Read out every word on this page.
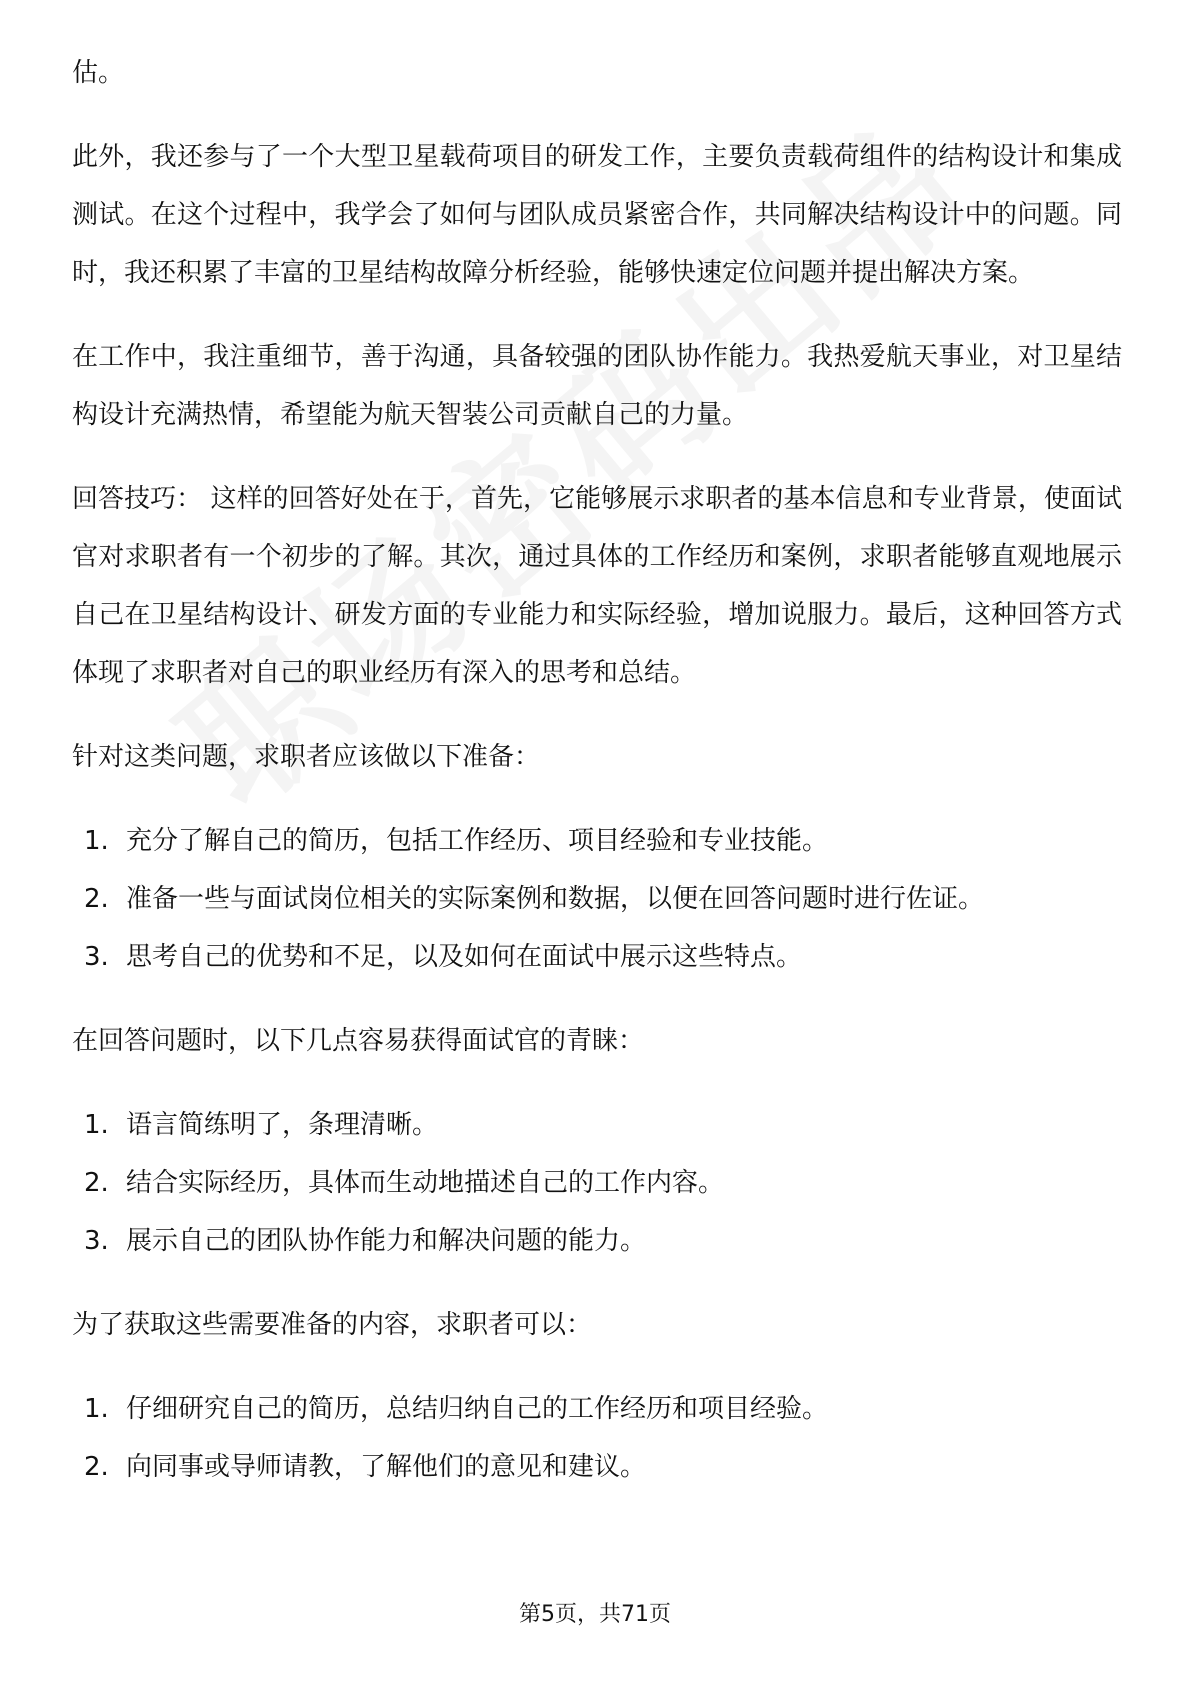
估。

此外，我还参与了一个大型卫星载荷项目的研发工作，主要负责载荷组件的结构设计和集成测试。在这个过程中，我学会了如何与团队成员紧密合作，共同解决结构设计中的问题。同时，我还积累了丰富的卫星结构故障分析经验，能够快速定位问题并提出解决方案。

在工作中，我注重细节，善于沟通，具备较强的团队协作能力。我热爱航天事业，对卫星结构设计充满热情，希望能为航天智装公司贡献自己的力量。

回答技巧： 这样的回答好处在于，首先，它能够展示求职者的基本信息和专业背景，使面试官对求职者有一个初步的了解。其次，通过具体的工作经历和案例，求职者能够直观地展示自己在卫星结构设计、研发方面的专业能力和实际经验，增加说服力。最后，这种回答方式体现了求职者对自己的职业经历有深入的思考和总结。

针对这类问题，求职者应该做以下准备：

1. 充分了解自己的简历，包括工作经历、项目经验和专业技能。
2. 准备一些与面试岗位相关的实际案例和数据，以便在回答问题时进行佐证。
3. 思考自己的优势和不足，以及如何在面试中展示这些特点。

在回答问题时，以下几点容易获得面试官的青睐：

1. 语言简练明了，条理清晰。
2. 结合实际经历，具体而生动地描述自己的工作内容。
3. 展示自己的团队协作能力和解决问题的能力。

为了获取这些需要准备的内容，求职者可以：

1. 仔细研究自己的简历，总结归纳自己的工作经历和项目经验。
2. 向同事或导师请教，了解他们的意见和建议。
第5页，共71页
